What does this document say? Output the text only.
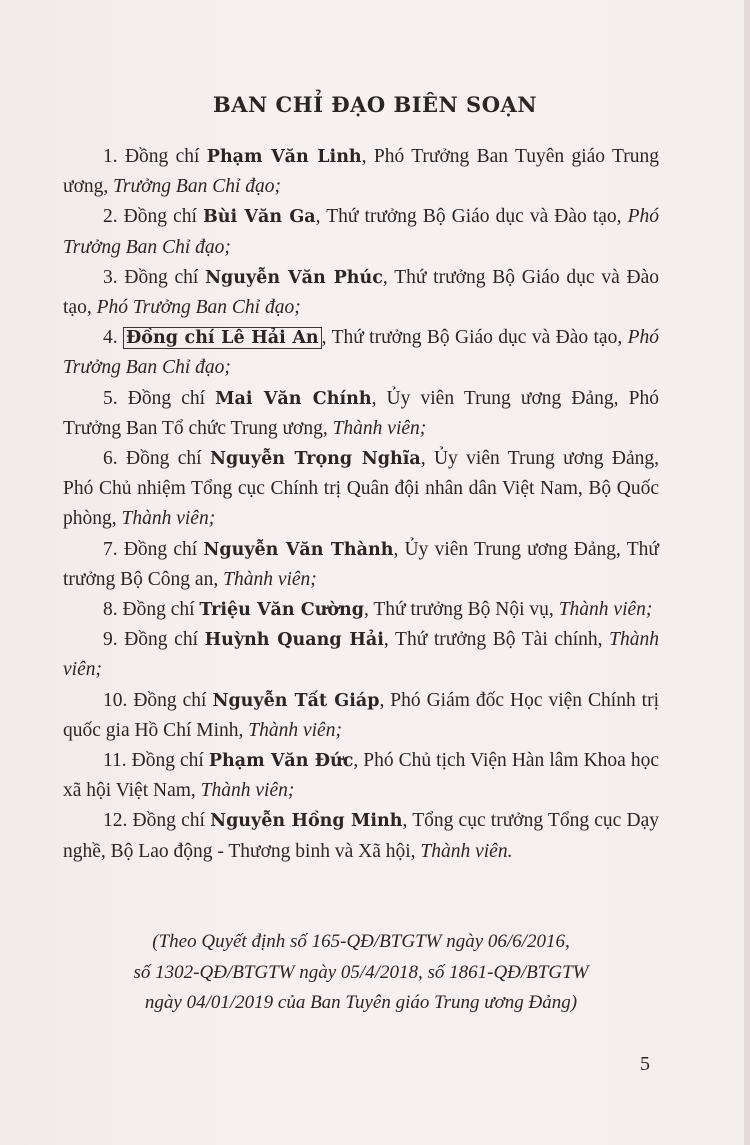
BAN CHỈ ĐẠO BIÊN SOẠN

1. Đồng chí Phạm Văn Linh, Phó Trưởng Ban Tuyên giáo Trung ương, Trưởng Ban Chỉ đạo;

2. Đồng chí Bùi Văn Ga, Thứ trưởng Bộ Giáo dục và Đào tạo, Phó Trưởng Ban Chỉ đạo;

3. Đồng chí Nguyễn Văn Phúc, Thứ trưởng Bộ Giáo dục và Đào tạo, Phó Trưởng Ban Chỉ đạo;

4. Đồng chí Lê Hải An , Thứ trưởng Bộ Giáo dục và Đào tạo, Phó Trưởng Ban Chỉ đạo;

5. Đồng chí Mai Văn Chính, Ủy viên Trung ương Đảng, Phó Trưởng Ban Tổ chức Trung ương, Thành viên;

6. Đồng chí Nguyễn Trọng Nghĩa, Ủy viên Trung ương Đảng, Phó Chủ nhiệm Tổng cục Chính trị Quân đội nhân dân Việt Nam, Bộ Quốc phòng, Thành viên;

7. Đồng chí Nguyễn Văn Thành, Ủy viên Trung ương Đảng, Thứ trưởng Bộ Công an, Thành viên;

8. Đồng chí Triệu Văn Cường, Thứ trưởng Bộ Nội vụ, Thành viên;

9. Đồng chí Huỳnh Quang Hải, Thứ trưởng Bộ Tài chính, Thành viên;

10. Đồng chí Nguyễn Tất Giáp, Phó Giám đốc Học viện Chính trị quốc gia Hồ Chí Minh, Thành viên;

11. Đồng chí Phạm Văn Đức, Phó Chủ tịch Viện Hàn lâm Khoa học xã hội Việt Nam, Thành viên;

12. Đồng chí Nguyễn Hồng Minh, Tổng cục trưởng Tổng cục Dạy nghề, Bộ Lao động - Thương binh và Xã hội, Thành viên.

(Theo Quyết định số 165-QĐ/BTGTW ngày 06/6/2016,
số 1302-QĐ/BTGTW ngày 05/4/2018, số 1861-QĐ/BTGTW
ngày 04/01/2019 của Ban Tuyên giáo Trung ương Đảng)
5
